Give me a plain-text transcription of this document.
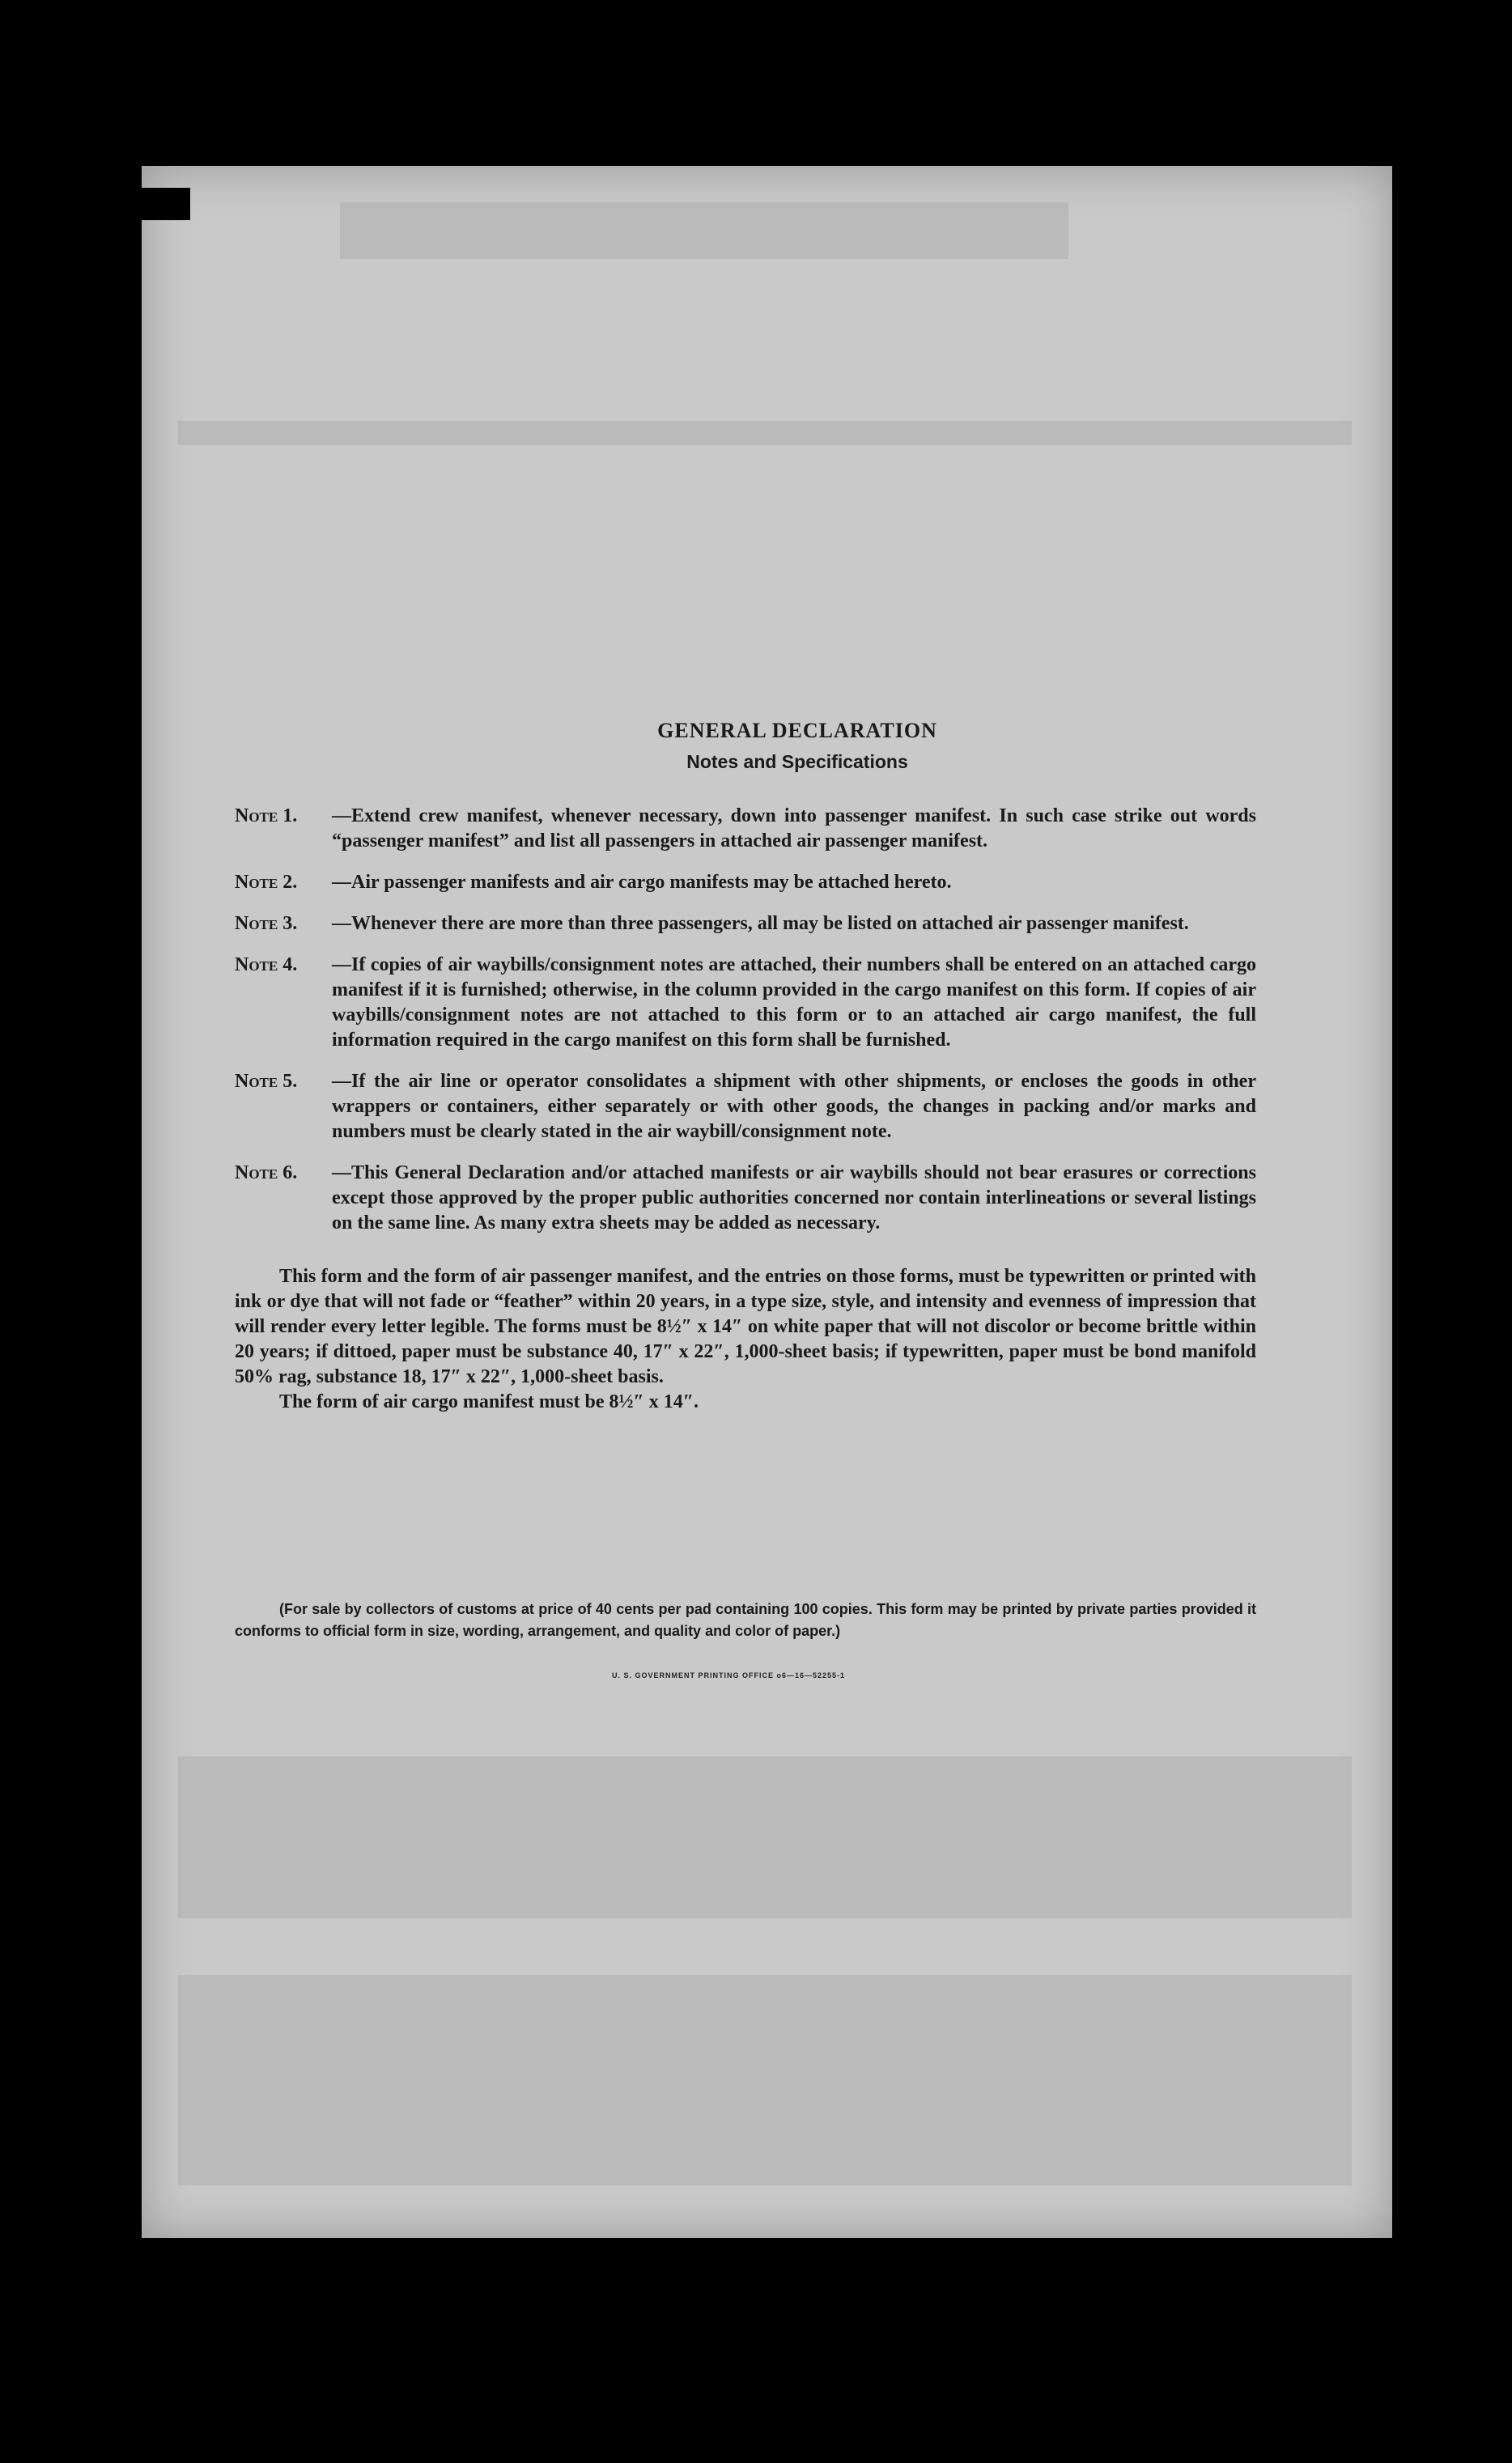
GENERAL DECLARATION
Notes and Specifications
Note 1.	—Extend crew manifest, whenever necessary, down into passenger manifest. In such case strike out words “passenger manifest” and list all passengers in attached air passenger manifest.
Note 2.	—Air passenger manifests and air cargo manifests may be attached hereto.
Note 3.	—Whenever there are more than three passengers, all may be listed on attached air passenger manifest.
Note 4.	—If copies of air waybills/consignment notes are attached, their numbers shall be entered on an attached cargo manifest if it is furnished; otherwise, in the column provided in the cargo manifest on this form. If copies of air waybills/consignment notes are not attached to this form or to an attached air cargo manifest, the full information required in the cargo manifest on this form shall be furnished.
Note 5.	—If the air line or operator consolidates a shipment with other shipments, or encloses the goods in other wrappers or containers, either separately or with other goods, the changes in packing and/or marks and numbers must be clearly stated in the air waybill/consignment note.
Note 6.	—This General Declaration and/or attached manifests or air waybills should not bear erasures or corrections except those approved by the proper public authorities concerned nor contain interlineations or several listings on the same line. As many extra sheets may be added as necessary.
This form and the form of air passenger manifest, and the entries on those forms, must be typewritten or printed with ink or dye that will not fade or “feather” within 20 years, in a type size, style, and intensity and evenness of impression that will render every letter legible. The forms must be 8½″ x 14″ on white paper that will not discolor or become brittle within 20 years; if dittoed, paper must be substance 40, 17″ x 22″, 1,000-sheet basis; if typewritten, paper must be bond manifold 50% rag, substance 18, 17″ x 22″, 1,000-sheet basis.
The form of air cargo manifest must be 8½″ x 14″.
(For sale by collectors of customs at price of 40 cents per pad containing 100 copies. This form may be printed by private parties provided it conforms to official form in size, wording, arrangement, and quality and color of paper.)
U. S. GOVERNMENT PRINTING OFFICE o6—16—52255-1
